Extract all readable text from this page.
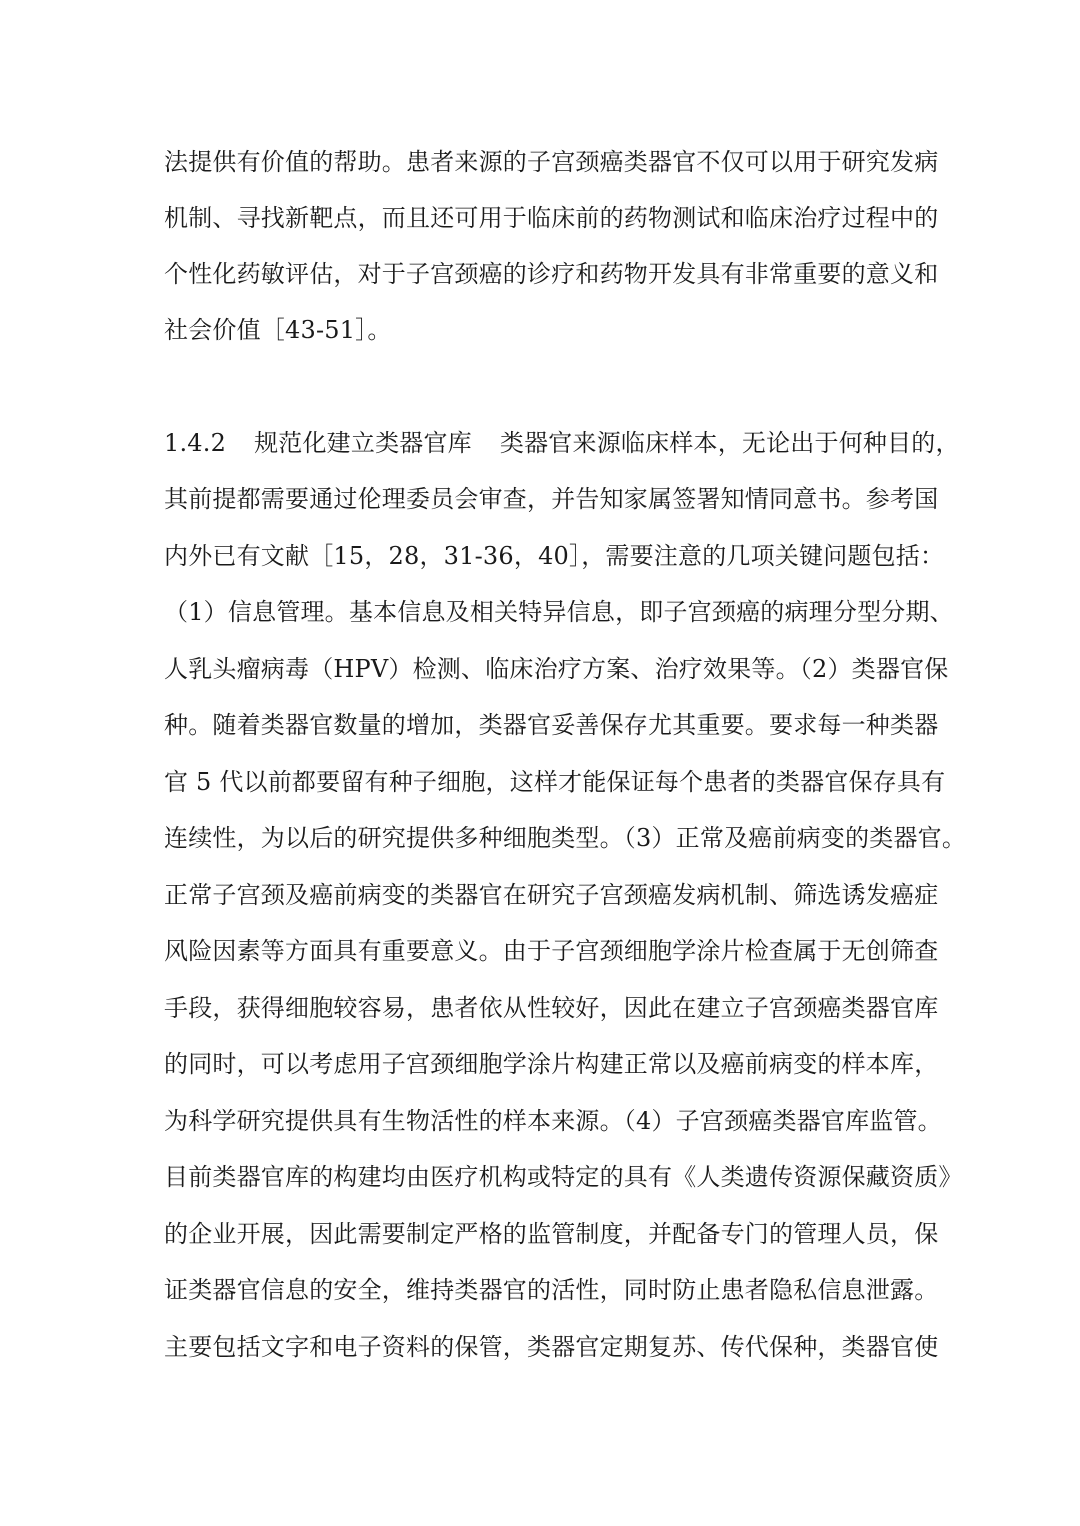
法提供有价值的帮助。患者来源的子宫颈癌类器官不仅可以用于研究发病
机制、寻找新靶点，而且还可用于临床前的药物测试和临床治疗过程中的
个性化药敏评估，对于子宫颈癌的诊疗和药物开发具有非常重要的意义和
社会价值［43-51］。
1.4.2 规范化建立类器官库 类器官来源临床样本，无论出于何种目的，
其前提都需要通过伦理委员会审查，并告知家属签署知情同意书。参考国
内外已有文献［15，28，31-36，40］，需要注意的几项关键问题包括：
（1）信息管理。基本信息及相关特异信息，即子宫颈癌的病理分型分期、
人乳头瘤病毒（HPV）检测、临床治疗方案、治疗效果等。（2）类器官保
种。随着类器官数量的增加，类器官妥善保存尤其重要。要求每一种类器
官 5 代以前都要留有种子细胞，这样才能保证每个患者的类器官保存具有
连续性，为以后的研究提供多种细胞类型。（3）正常及癌前病变的类器官。
正常子宫颈及癌前病变的类器官在研究子宫颈癌发病机制、筛选诱发癌症
风险因素等方面具有重要意义。由于子宫颈细胞学涂片检查属于无创筛查
手段，获得细胞较容易，患者依从性较好，因此在建立子宫颈癌类器官库
的同时，可以考虑用子宫颈细胞学涂片构建正常以及癌前病变的样本库，
为科学研究提供具有生物活性的样本来源。（4）子宫颈癌类器官库监管。
目前类器官库的构建均由医疗机构或特定的具有《人类遗传资源保藏资质》
的企业开展，因此需要制定严格的监管制度，并配备专门的管理人员，保
证类器官信息的安全，维持类器官的活性，同时防止患者隐私信息泄露。
主要包括文字和电子资料的保管，类器官定期复苏、传代保种，类器官使
